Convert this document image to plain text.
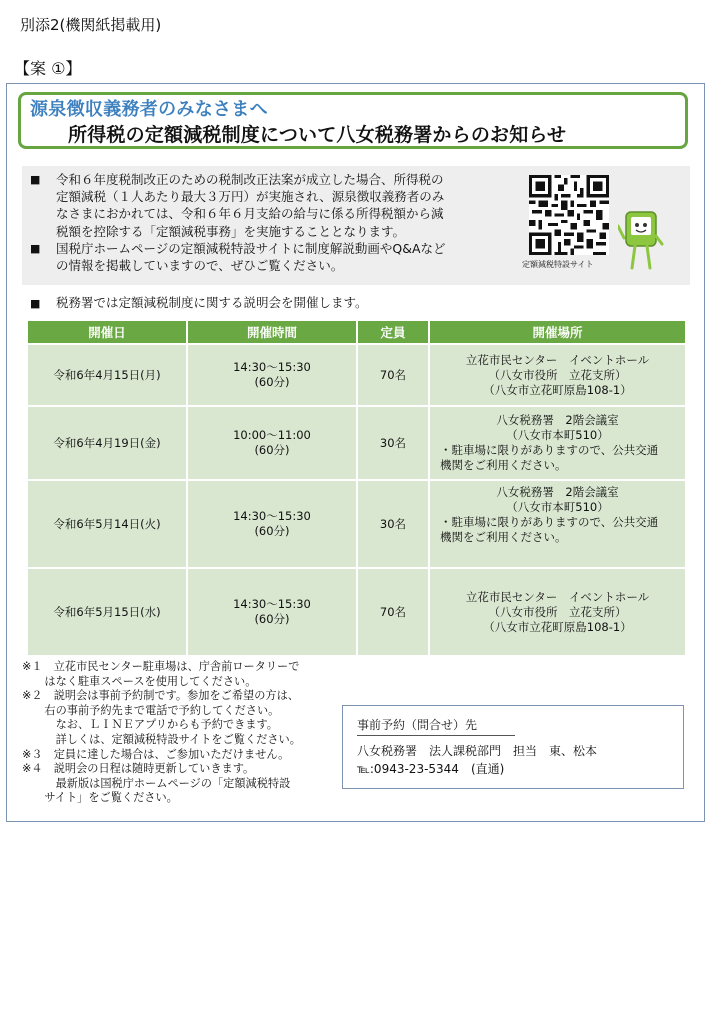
別添2(機関紙掲載用)
【案 ①】
源泉徴収義務者のみなさまへ
所得税の定額減税制度について八女税務署からのお知らせ
■	令和６年度税制改正のための税制改正法案が成立した場合、所得税の
定額減税（１人あたり最大３万円）が実施され、源泉徴収義務者のみ
なさまにおかれては、令和６年６月支給の給与に係る所得税額から減
税額を控除する「定額減税事務」を実施することとなります。
■	国税庁ホームページの定額減税特設サイトに制度解説動画やQ&Aなど
の情報を掲載していますので、ぜひご覧ください。	定額減税特設サイト
■ 税務署では定額減税制度に関する説明会を開催します。
開催日	開催時間	定員	開催場所
令和6年4月15日(月)	14:30〜15:30
(60分)	70名	立花市民センター　イベントホール
（八女市役所　立花支所）
（八女市立花町原島108-1）

令和6年4月19日(金)	10:00〜11:00
(60分)	30名	八女税務署　2階会議室
（八女市本町510）
・駐車場に限りがありますので、公共交通
機関をご利用ください。

令和6年5月14日(火)	14:30〜15:30
(60分)	30名	八女税務署　2階会議室
（八女市本町510）
・駐車場に限りがありますので、公共交通
機関をご利用ください。

令和6年5月15日(水)	14:30〜15:30
(60分)	70名	立花市民センター　イベントホール
（八女市役所　立花支所）
（八女市立花町原島108-1）
※１　立花市民センター駐車場は、庁舎前ロータリーで
　　はなく駐車スペースを使用してください。
※２　説明会は事前予約制です。参加をご希望の方は、
　　右の事前予約先まで電話で予約してください。
　　　なお、ＬＩＮＥアプリからも予約できます。
　　　詳しくは、定額減税特設サイトをご覧ください。
※３　定員に達した場合は、ご参加いただけません。
※４　説明会の日程は随時更新していきます。
　　　最新版は国税庁ホームページの「定額減税特設
　　サイト」をご覧ください。
事前予約（問合せ）先
八女税務署　法人課税部門　担当　東、松本
℡:0943-23-5344　(直通)
